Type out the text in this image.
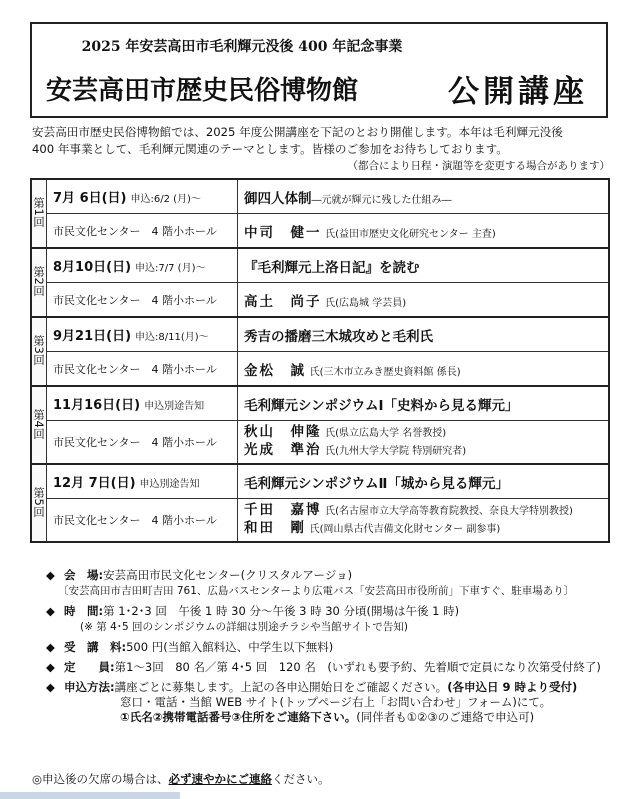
2025 年安芸高田市毛利輝元没後 400 年記念事業
安芸高田市歴史民俗博物館	公開講座
安芸高田市歴史民俗博物館では、2025 年度公開講座を下記のとおり開催します。本年は毛利輝元没後
400 年事業として、毛利輝元関連のテーマとします。皆様のご参加をお待ちしております。
（都合により日程・演題等を変更する場合があります）
第1回	7月 6日(日) 申込:6/2 (月)～	御四人体制―元就が輝元に残した仕組み―
	市民文化センター　4 階小ホール	中司　健一 氏(益田市歴史文化研究センター 主査)

第2回	8月10日(日) 申込:7/7 (月)～	『毛利輝元上洛日記』を読む
	市民文化センター　4 階小ホール	高土　尚子 氏(広島城 学芸員)

第3回	9月21日(日) 申込:8/11(月)～	秀吉の播磨三木城攻めと毛利氏
	市民文化センター　4 階小ホール	金松　誠 氏(三木市立みき歴史資料館 係長)

第4回	11月16日(日) 申込別途告知	毛利輝元シンポジウムⅠ「史料から見る輝元」
	市民文化センター　4 階小ホール	秋山　伸隆 氏(県立広島大学 名誉教授)
光成　準治 氏(九州大学大学院 特別研究者)

第5回	12月 7日(日) 申込別途告知	毛利輝元シンポジウムⅡ「城から見る輝元」
	市民文化センター　4 階小ホール	千田　嘉博 氏(名古屋市立大学高等教育院教授、奈良大学特別教授)
和田　剛 氏(岡山県古代吉備文化財センター 副参事)
◆ 会　場:安芸高田市民文化センター(クリスタルアージョ)
〔安芸高田市吉田町吉田 761、広島バスセンターより広電バス「安芸高田市役所前」下車すぐ、駐車場あり〕
◆ 時　間:第 1･2･3 回　午後 1 時 30 分～午後 3 時 30 分頃(開場は午後 1 時)
(※ 第 4･5 回のシンポジウムの詳細は別途チラシや当館サイトで告知)
◆ 受　講　料:500 円(当館入館料込、中学生以下無料)
◆ 定　　員:第1～3回　80 名／第 4･5 回　120 名　(いずれも要予約、先着順で定員になり次第受付終了)
◆ 申込方法:講座ごとに募集します。上記の各申込開始日をご確認ください。(各申込日 9 時より受付)
窓口・電話・当館 WEB サイト(トップページ右上「お問い合わせ」フォーム)にて。
①氏名②携帯電話番号③住所をご連絡下さい。(同伴者も①②③のご連絡で申込可)
◎申込後の欠席の場合は、必ず速やかにご連絡ください。
